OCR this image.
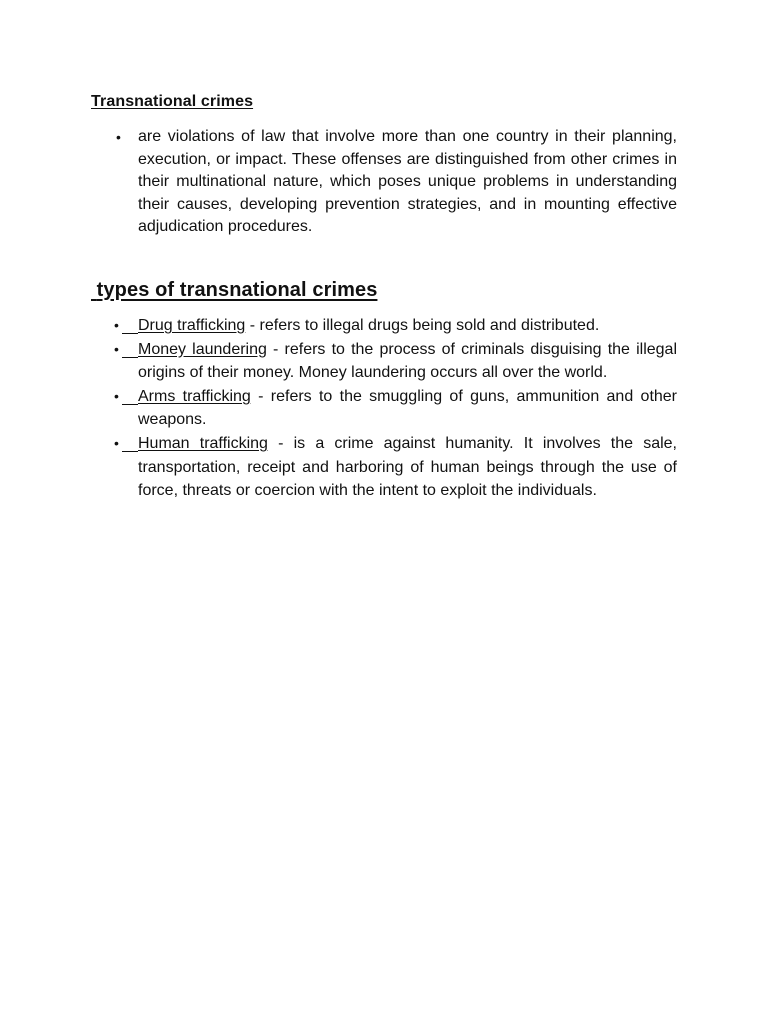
Transnational crimes
• are violations of law that involve more than one country in their planning, execution, or impact. These offenses are distinguished from other crimes in their multinational nature, which poses unique problems in understanding their causes, developing prevention strategies, and in mounting effective adjudication procedures.
types of transnational crimes
• Drug trafficking - refers to illegal drugs being sold and distributed.
• Money laundering - refers to the process of criminals disguising the illegal origins of their money. Money laundering occurs all over the world.
• Arms trafficking - refers to the smuggling of guns, ammunition and other weapons.
• Human trafficking - is a crime against humanity. It involves the sale, transportation, receipt and harboring of human beings through the use of force, threats or coercion with the intent to exploit the individuals.
